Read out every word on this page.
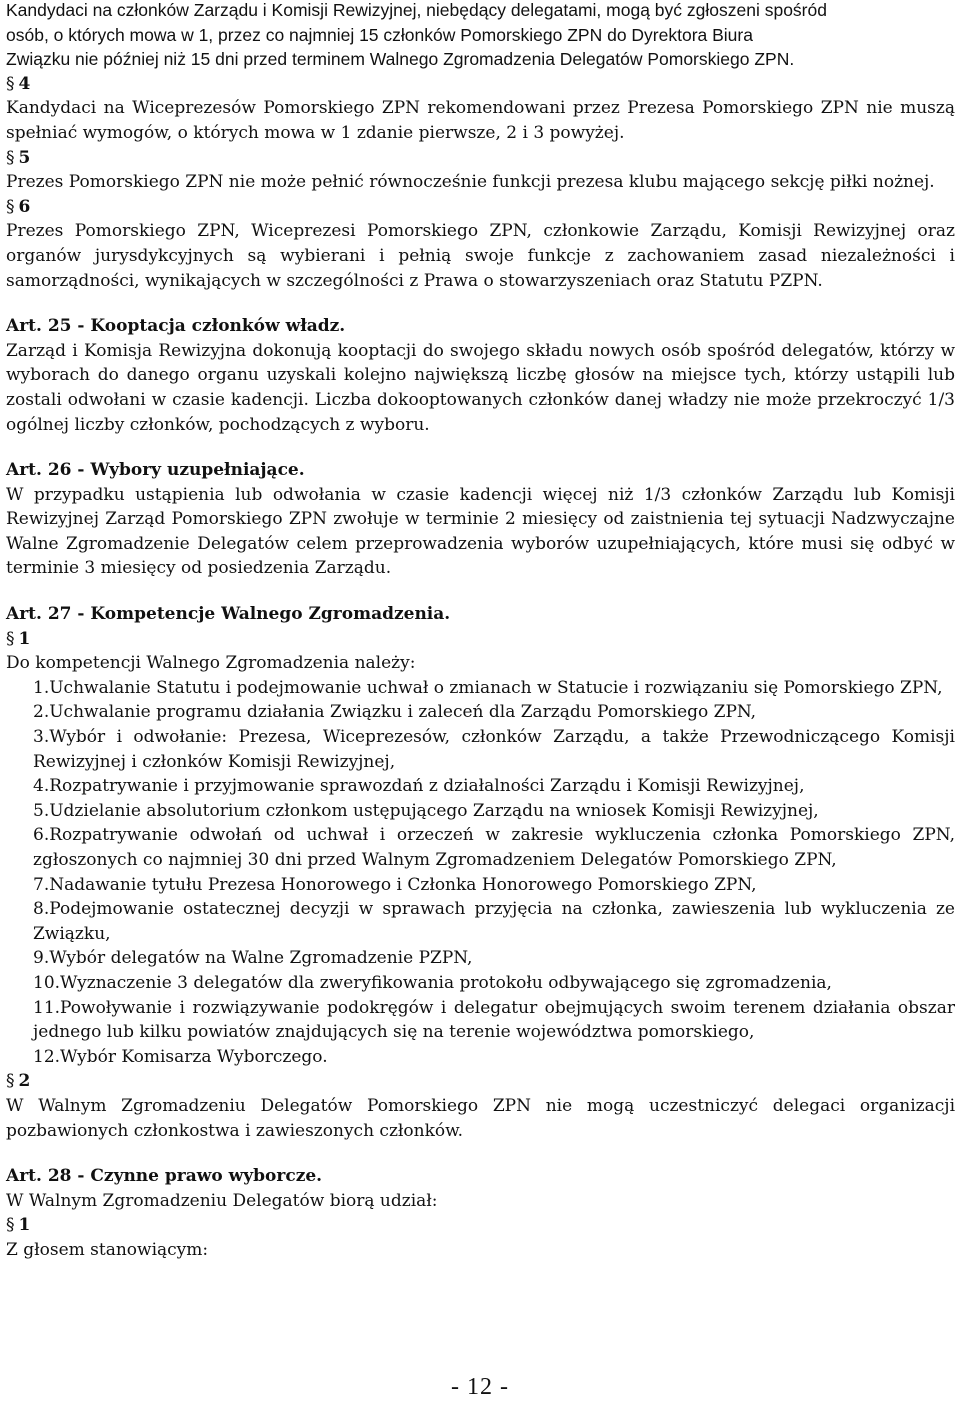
Kandydaci na członków Zarządu i Komisji Rewizyjnej, niebędący delegatami, mogą być zgłoszeni spośród

osób, o których mowa w 1, przez co najmniej 15 członków Pomorskiego ZPN do Dyrektora Biura

Związku nie później niż 15 dni przed terminem Walnego Zgromadzenia Delegatów Pomorskiego ZPN.

§ 4

Kandydaci na Wiceprezesów Pomorskiego ZPN rekomendowani przez Prezesa Pomorskiego ZPN nie muszą spełniać wymogów, o których mowa w 1 zdanie pierwsze, 2 i 3 powyżej.

§ 5

Prezes Pomorskiego ZPN nie może pełnić równocześnie funkcji prezesa klubu mającego sekcję piłki nożnej.

§ 6

Prezes Pomorskiego ZPN, Wiceprezesi Pomorskiego ZPN, członkowie Zarządu, Komisji Rewizyjnej oraz organów jurysdykcyjnych są wybierani i pełnią swoje funkcje z zachowaniem zasad niezależności i samorządności, wynikających w szczególności z Prawa o stowarzyszeniach oraz Statutu PZPN.

Art. 25 - Kooptacja członków władz.

Zarząd i Komisja Rewizyjna dokonują kooptacji do swojego składu nowych osób spośród delegatów, którzy w wyborach do danego organu uzyskali kolejno największą liczbę głosów na miejsce tych, którzy ustąpili lub zostali odwołani w czasie kadencji. Liczba dokooptowanych członków danej władzy nie może przekroczyć 1/3 ogólnej liczby członków, pochodzących z wyboru.

Art. 26 - Wybory uzupełniające.

W przypadku ustąpienia lub odwołania w czasie kadencji więcej niż 1/3 członków Zarządu lub Komisji Rewizyjnej Zarząd Pomorskiego ZPN zwołuje w terminie 2 miesięcy od zaistnienia tej sytuacji Nadzwyczajne Walne Zgromadzenie Delegatów celem przeprowadzenia wyborów uzupełniających, które musi się odbyć w terminie 3 miesięcy od posiedzenia Zarządu.

Art. 27 - Kompetencje Walnego Zgromadzenia.

§ 1

Do kompetencji Walnego Zgromadzenia należy:

1.Uchwalanie Statutu i podejmowanie uchwał o zmianach w Statucie i rozwiązaniu się Pomorskiego ZPN,
2.Uchwalanie programu działania Związku i zaleceń dla Zarządu Pomorskiego ZPN,
3.Wybór i odwołanie: Prezesa, Wiceprezesów, członków Zarządu, a także Przewodniczącego Komisji Rewizyjnej i członków Komisji Rewizyjnej,
4.Rozpatrywanie i przyjmowanie sprawozdań z działalności Zarządu i Komisji Rewizyjnej,
5.Udzielanie absolutorium członkom ustępującego Zarządu na wniosek Komisji Rewizyjnej,
6.Rozpatrywanie odwołań od uchwał i orzeczeń w zakresie wykluczenia członka Pomorskiego ZPN, zgłoszonych co najmniej 30 dni przed Walnym Zgromadzeniem Delegatów Pomorskiego ZPN,
7.Nadawanie tytułu Prezesa Honorowego i Członka Honorowego Pomorskiego ZPN,
8.Podejmowanie ostatecznej decyzji w sprawach przyjęcia na członka, zawieszenia lub wykluczenia ze Związku,
9.Wybór delegatów na Walne Zgromadzenie PZPN,
10.Wyznaczenie 3 delegatów dla zweryfikowania protokołu odbywającego się zgromadzenia,
11.Powoływanie i rozwiązywanie podokręgów i delegatur obejmujących swoim terenem działania obszar jednego lub kilku powiatów znajdujących się na terenie województwa pomorskiego,
12.Wybór Komisarza Wyborczego.
§ 2

W Walnym Zgromadzeniu Delegatów Pomorskiego ZPN nie mogą uczestniczyć delegaci organizacji pozbawionych członkostwa i zawieszonych członków.

Art. 28 - Czynne prawo wyborcze.

W Walnym Zgromadzeniu Delegatów biorą udział:

§ 1

Z głosem stanowiącym:

- 12 -
